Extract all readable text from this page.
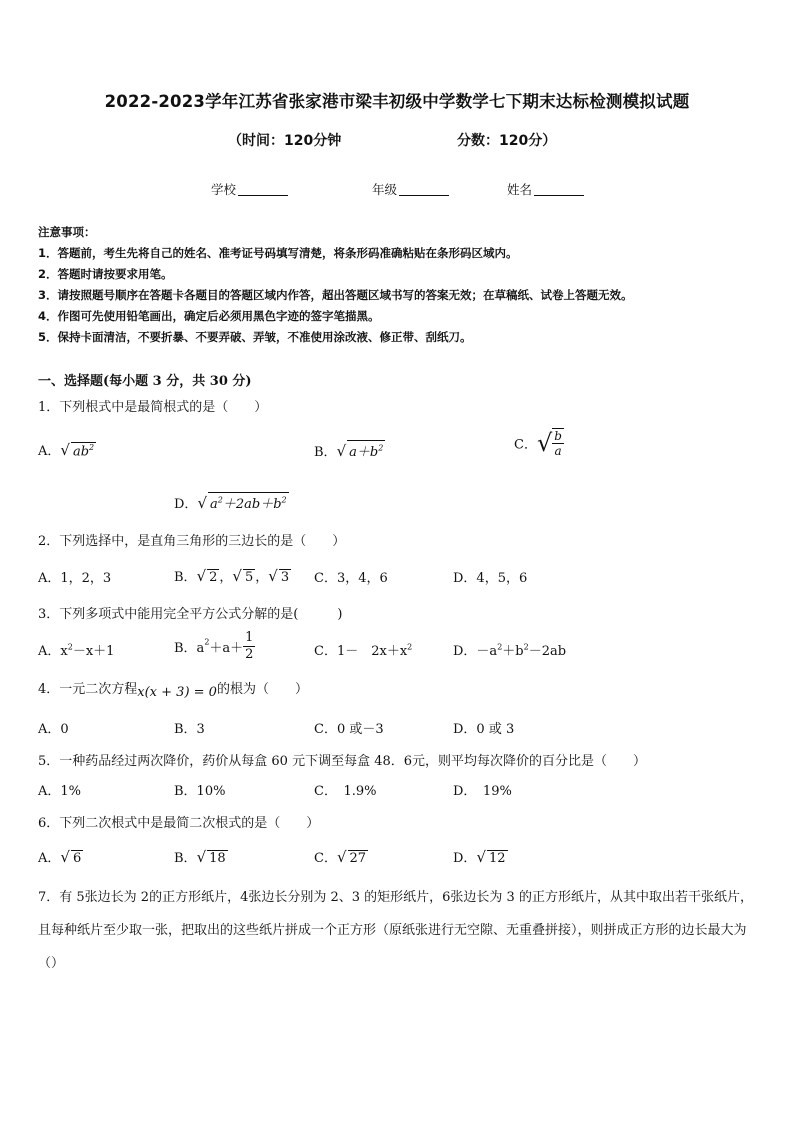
2022-2023学年江苏省张家港市梁丰初级中学数学七下期末达标检测模拟试题
（时间：120分钟	分数：120分）
学校	年级	姓名
注意事项：
1．答题前，考生先将自己的姓名、准考证号码填写清楚，将条形码准确粘贴在条形码区域内。
2．答题时请按要求用笔。
3．请按照题号顺序在答题卡各题目的答题区域内作答，超出答题区域书写的答案无效；在草稿纸、试卷上答题无效。
4．作图可先使用铅笔画出，确定后必须用黑色字迹的签字笔描黑。
5．保持卡面清洁，不要折暴、不要弄破、弄皱，不准使用涂改液、修正带、刮纸刀。
一、选择题(每小题 3 分，共 30 分)
1．下列根式中是最简根式的是（　　）
A．√ $ab^2$	B．√ $a+b^2$	C．√ $\frac{b}{a}$
D．√ $a^2+2ab+b^2$
2．下列选择中，是直角三角形的三边长的是（　　）
A．1，2，3	B．√ 2 ，√ 5 ，√ 3 C．3，4，6	D．4，5，6
3．下列多项式中能用完全平方公式分解的是(　　　)
A．$x^2-x+1$	B．$a^2+a+ \frac{1}{2}$	C．1－　$2x+x^2$	D．$-a^2+b^2-2ab$
4．一元二次方程x(x + 3) = 0的根为（　　）
A．0	B．3	C．0 或－3	D．0 或 3
5．一种药品经过两次降价，药价从每盒 60 元下调至每盒 48．6元，则平均每次降价的百分比是（　　）
A．1%	B．10%	C．　1.9%	D．　19%
6．下列二次根式中是最简二次根式的是（　　）
A．√ 6	B．√ 18	C．√ 27	D．√ 12
7．有 5张边长为 2的正方形纸片，4张边长分别为 2、3 的矩形纸片，6张边长为 3 的正方形纸片，从其中取出若干张纸片，且每种纸片至少取一张，把取出的这些纸片拼成一个正方形（原纸张进行无空隙、无重叠拼接），则拼成正方形的边长最大为（）
